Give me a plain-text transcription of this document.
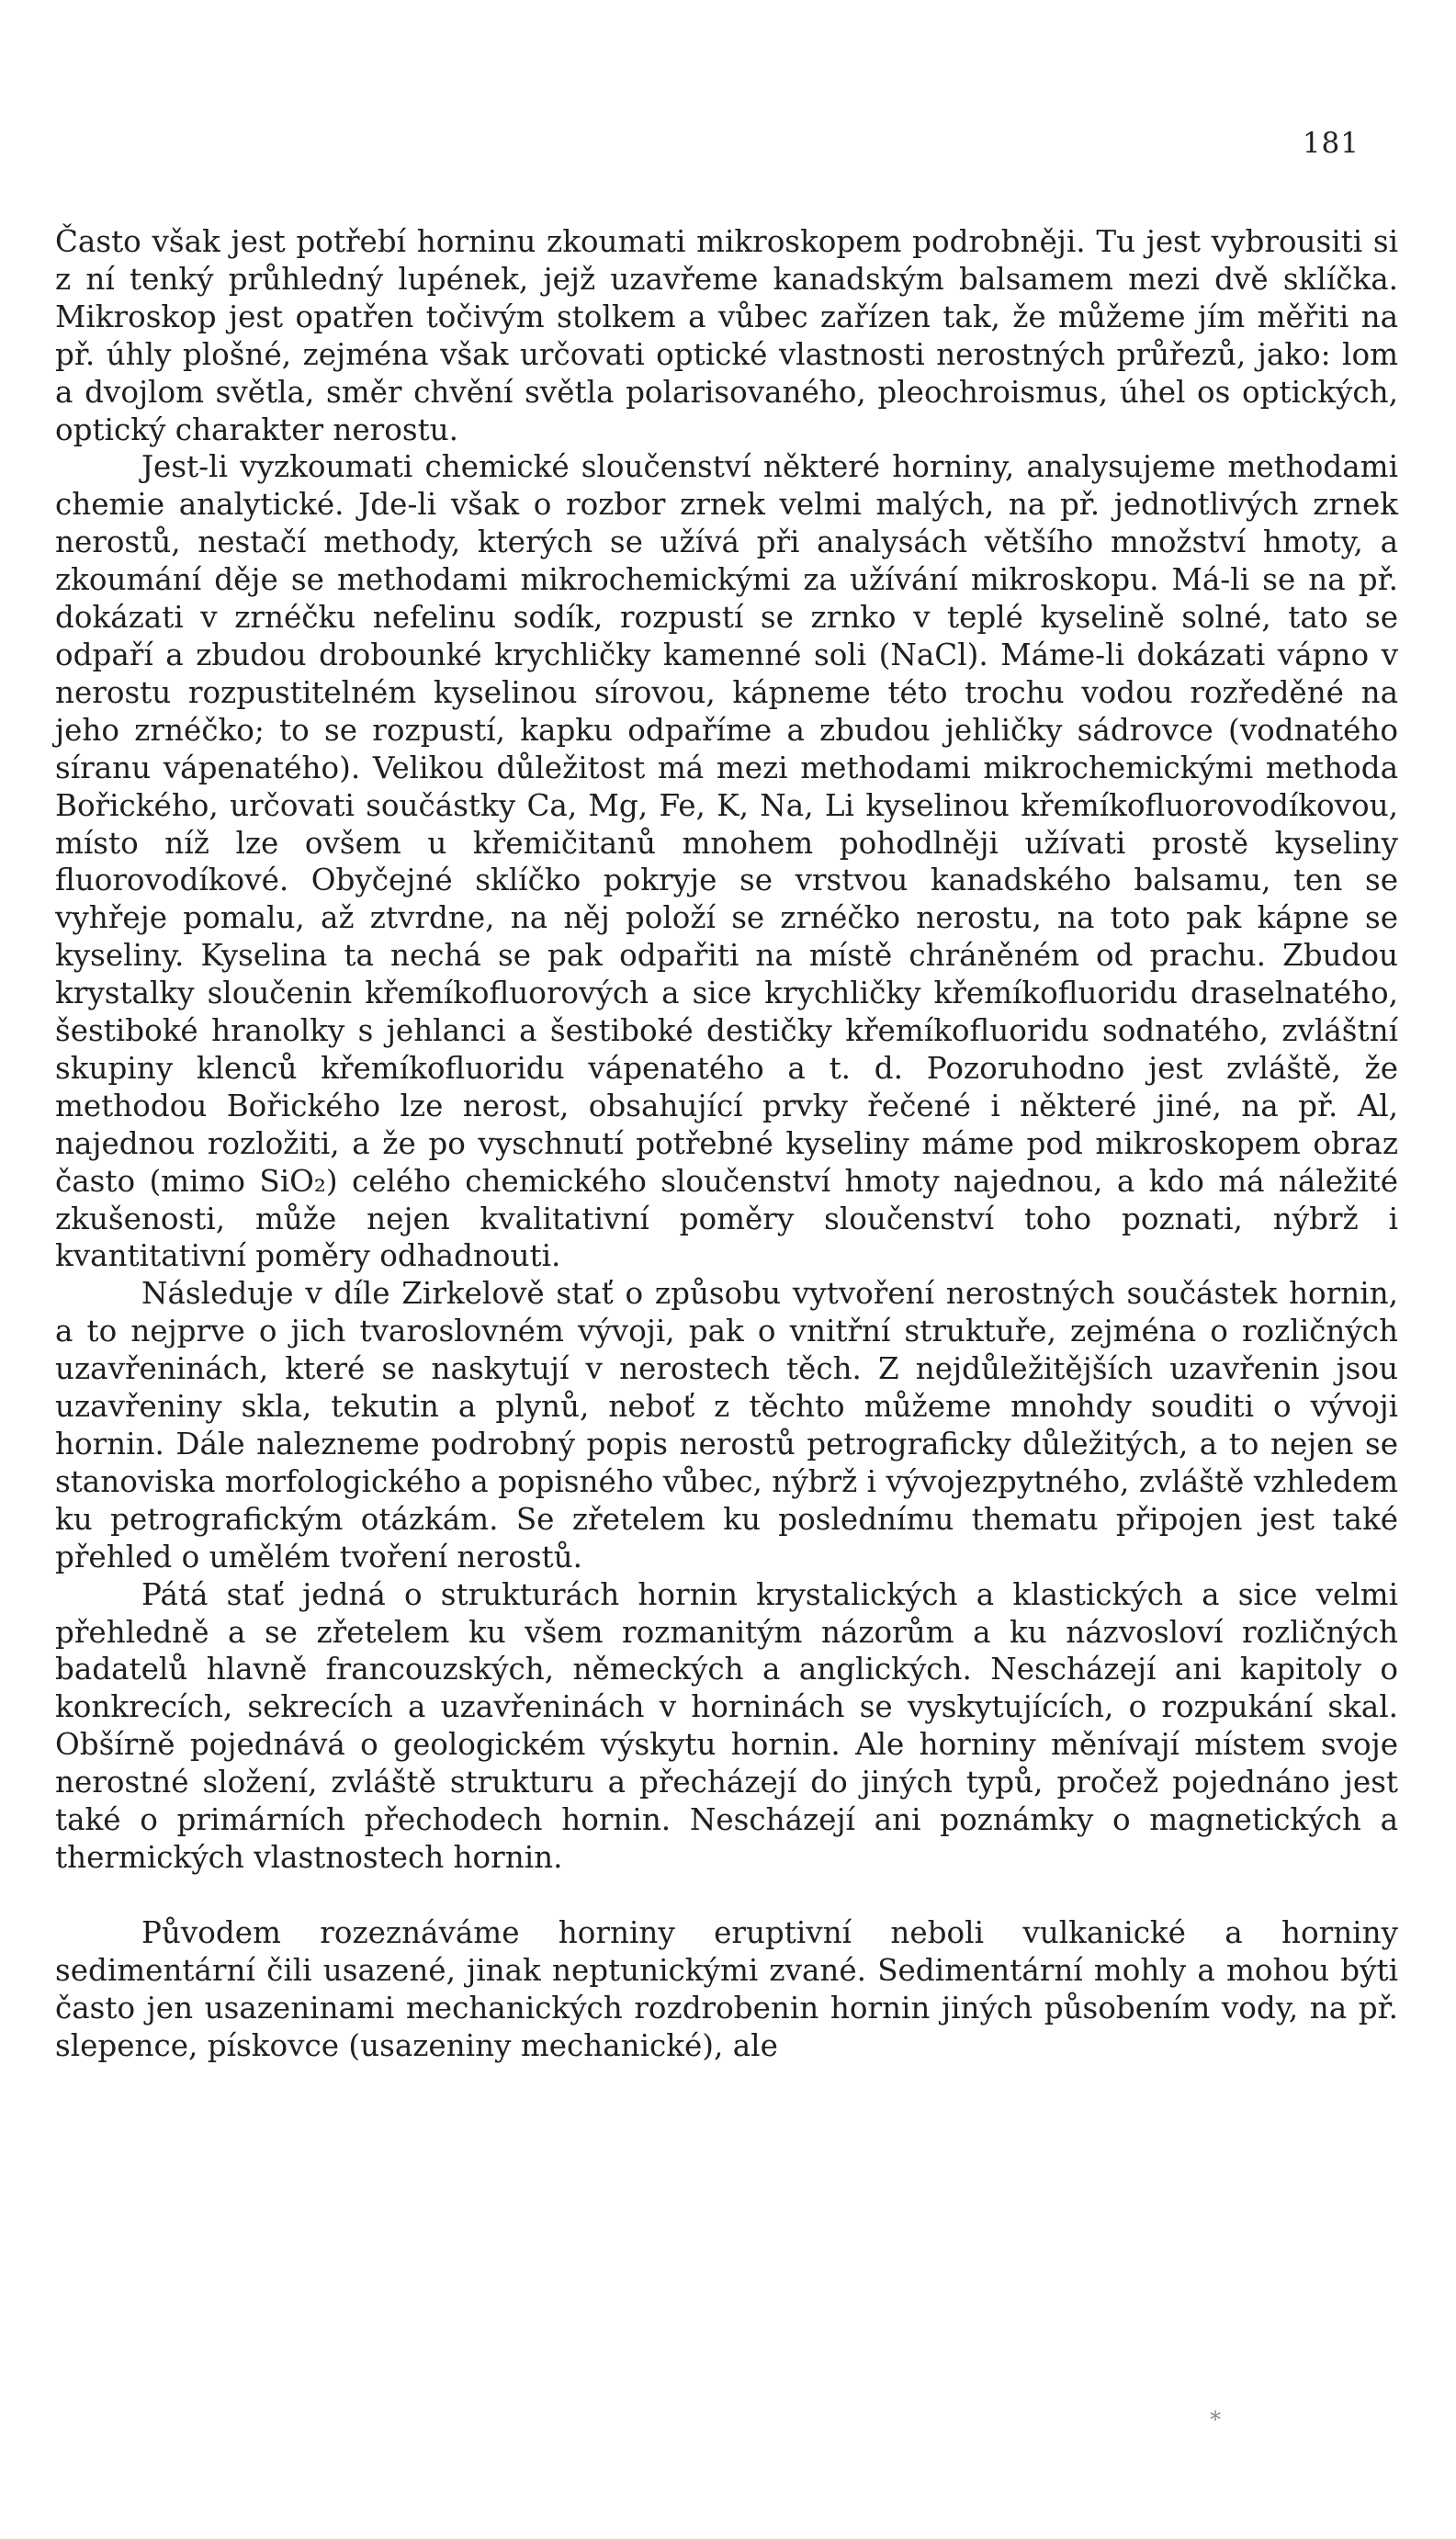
181

Často však jest potřebí horninu zkoumati mikroskopem podrobněji. Tu jest vybrousiti si z ní tenký průhledný lupének, jejž uzavřeme kanadským balsamem mezi dvě sklíčka. Mikroskop jest opatřen točivým stolkem a vůbec zařízen tak, že můžeme jím měřiti na př. úhly plošné, zejména však určovati optické vlastnosti nerostných průřezů, jako: lom a dvojlom světla, směr chvění světla polarisovaného, pleochroismus, úhel os optických, optický charakter nerostu.

Jest-li vyzkoumati chemické sloučenství některé horniny, analysujeme methodami chemie analytické. Jde-li však o rozbor zrnek velmi malých, na př. jednotlivých zrnek nerostů, nestačí methody, kterých se užívá při analysách většího množství hmoty, a zkoumání děje se methodami mikrochemickými za užívání mikroskopu. Má-li se na př. dokázati v zrnéčku nefelinu sodík, rozpustí se zrnko v teplé kyselině solné, tato se odpaří a zbudou drobounké krychličky kamenné soli (NaCl). Máme-li dokázati vápno v nerostu rozpustitelném kyselinou sírovou, kápneme této trochu vodou rozředěné na jeho zrnéčko; to se rozpustí, kapku odpaříme a zbudou jehličky sádrovce (vodnatého síranu vápenatého). Velikou důležitost má mezi methodami mikrochemickými methoda Bořického, určovati součástky Ca, Mg, Fe, K, Na, Li kyselinou křemíkofluorovodíkovou, místo níž lze ovšem u křemičitanů mnohem pohodlněji užívati prostě kyseliny fluorovodíkové. Obyčejné sklíčko pokryje se vrstvou kanadského balsamu, ten se vyhřeje pomalu, až ztvrdne, na něj položí se zrnéčko nerostu, na toto pak kápne se kyseliny. Kyselina ta nechá se pak odpařiti na místě chráněném od prachu. Zbudou krystalky sloučenin křemíkofluorových a sice krychličky křemíkofluoridu draselnatého, šestiboké hranolky s jehlanci a šestiboké destičky křemíkofluoridu sodnatého, zvláštní skupiny klenců křemíkofluoridu vápenatého a t. d. Pozoruhodno jest zvláště, že methodou Bořického lze nerost, obsahující prvky řečené i některé jiné, na př. Al, najednou rozložiti, a že po vyschnutí potřebné kyseliny máme pod mikroskopem obraz často (mimo SiO₂) celého chemického sloučenství hmoty najednou, a kdo má náležité zkušenosti, může nejen kvalitativní poměry sloučenství toho poznati, nýbrž i kvantitativní poměry odhadnouti.

Následuje v díle Zirkelově stať o způsobu vytvoření nerostných součástek hornin, a to nejprve o jich tvaroslovném vývoji, pak o vnitřní struktuře, zejména o rozličných uzavřeninách, které se naskytují v nerostech těch. Z nejdůležitějších uzavřenin jsou uzavřeniny skla, tekutin a plynů, neboť z těchto můžeme mnohdy souditi o vývoji hornin. Dále nalezneme podrobný popis nerostů petrograficky důležitých, a to nejen se stanoviska morfologického a popisného vůbec, nýbrž i vývojezpytného, zvláště vzhledem ku petrografickým otázkám. Se zřetelem ku poslednímu thematu připojen jest také přehled o umělém tvoření nerostů.

Pátá stať jedná o strukturách hornin krystalických a klastických a sice velmi přehledně a se zřetelem ku všem rozmanitým názorům a ku názvosloví rozličných badatelů hlavně francouzských, německých a anglických. Nescházejí ani kapitoly o konkrecích, sekrecích a uzavřeninách v horninách se vyskytujících, o rozpukání skal. Obšírně pojednává o geologickém výskytu hornin. Ale horniny měnívají místem svoje nerostné složení, zvláště strukturu a přecházejí do jiných typů, pročež pojednáno jest také o primárních přechodech hornin. Nescházejí ani poznámky o magnetických a thermických vlastnostech hornin.

Původem rozeznáváme horniny eruptivní neboli vulkanické a horniny sedimentární čili usazené, jinak neptunickými zvané. Sedimentární mohly a mohou býti často jen usazeninami mechanických rozdrobenin hornin jiných působením vody, na př. slepence, pískovce (usazeniny mechanické), ale

*
